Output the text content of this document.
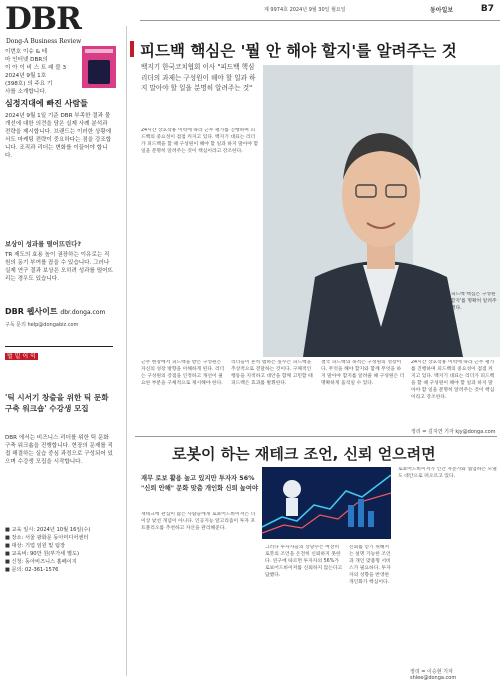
DBR
Dong-A Business Review
제 9974호 2024년 9월 30일 월요일	동아일보	B7
이번호 이슈 & 테
마 인터넷 DBR의
이 아 이 비 스 트 래 블 3
2024년 9월 1호
(398호) 의 주요 기
사를 소개합니다.
심정지대에 빠진 사람들
2024년 9월 1일 기준 DBR 부족한 결과 물 개선에 대한 의견을 담은 실제 사례 분석과 전략을 제시합니다. 브랜드는 이러한 상황에서도 마케팅 전략이 중요하다는 점을 강조합니다. 조직과 리더는 변화를 이끌어야 합니다.
보상이 성과를 떨어뜨린다?
TR 제도의 효용 높이 권장하는 이유로는 직원의 동기 부여를 꼽을 수 있습니다. 그러나 실제 연구 결과 보상은 오히려 성과를 떨어뜨리는 경우도 있습니다.
DBR 웹사이트 dbr.donga.com
구독 문의 help@dongabiz.com
벌 밑 이 익
'틱 시서기 창출을 위한 틱 문화 구축 워크숍' 수강생 모집
DBR 에서는 비즈니스 리더를 위한 틱 문화 구축 워크숍을 진행합니다. 현장의 문제를 직접 해결하는 실습 중심 과정으로 구성되어 있으며 수강생 모집을 시작합니다.
■ 교육 일시: 2024년 10월 16일(수)
■ 장소: 서울 광화문 동아미디어센터
■ 대상: 기업 임원 및 팀장
■ 교육비: 90만 원(부가세 별도)
■ 신청: 동아비즈니스 홈페이지
■ 문의: 02-361-1576
피드백 핵심은 '뭘 안 해야 할지'를 알려주는 것
백지기 한국코치협회 이사 "피드백 핵심 리더의 과제는 구성원이 해야 할 일과 하지 말아야 할 일을 분명히 알려주는 것"
24시간 상호작용 이력에 따라 근무 평가를 진행하며 피드백의 중요성이 점점 커지고 있다. 백지기 대표는 리더가 피드백을 할 때 구성원이 해야 할 일과 하지 말아야 할 일을 분명히 알려주는 것이 핵심이라고 강조한다.
백지기 대표는 피드백 핵심은 구성원이 '뭘 안 해야 할지'를 명확히 알려주는 것이라고 말했다.
근무 현장에서 피드백을 받은 구성원은 자신의 성장 방향을 이해하게 된다. 리더는 구성원의 강점을 인정하고 개선이 필요한 부분을 구체적으로 제시해야 한다.
리더들이 흔히 범하는 실수는 피드백을 추상적으로 전달하는 것이다. 구체적인 행동을 지적하고 대안을 함께 고민할 때 피드백은 효과를 발휘한다.
결국 피드백의 목적은 구성원의 성장이다. 무엇을 해야 할지와 함께 무엇을 하지 말아야 할지를 알려줄 때 구성원은 더 명확하게 움직일 수 있다.
24시간 상호작용 이력에 따라 근무 평가를 진행하며 피드백의 중요성이 점점 커지고 있다. 백지기 대표는 리더가 피드백을 할 때 구성원이 해야 할 일과 하지 말아야 할 일을 분명히 알려주는 것이 핵심이라고 강조한다.
정리 = 김지연 기자 kjy@donga.com
로봇이 하는 재테크 조언, 신뢰 얻으려면
재무 로보 활용 높고 있지만 투자자 56% "신뢰 안해" 문화 맞춤 개인화 신뢰 높여야
재테크에 관심이 많은 사람들에게 로보어드바이저는 더 이상 낯선 개념이 아니다. 인공지능 알고리즘이 투자 포트폴리오를 추천하고 자산을 관리해준다.
그러나 투자자들의 상당수는 여전히 로봇의 조언을 온전히 신뢰하지 못한다. 연구에 따르면 투자자의 56%가 로보어드바이저를 신뢰하지 않는다고 답했다.
신뢰를 얻기 위해서는 설명 가능한 조언과 개인 맞춤형 서비스가 필요하다. 투자자의 성향을 반영한 개인화가 핵심이다.
로보어드바이저가 인간 자문가와 협업하는 모델도 대안으로 떠오르고 있다.
정리 = 이승현 기자 shlee@donga.com
